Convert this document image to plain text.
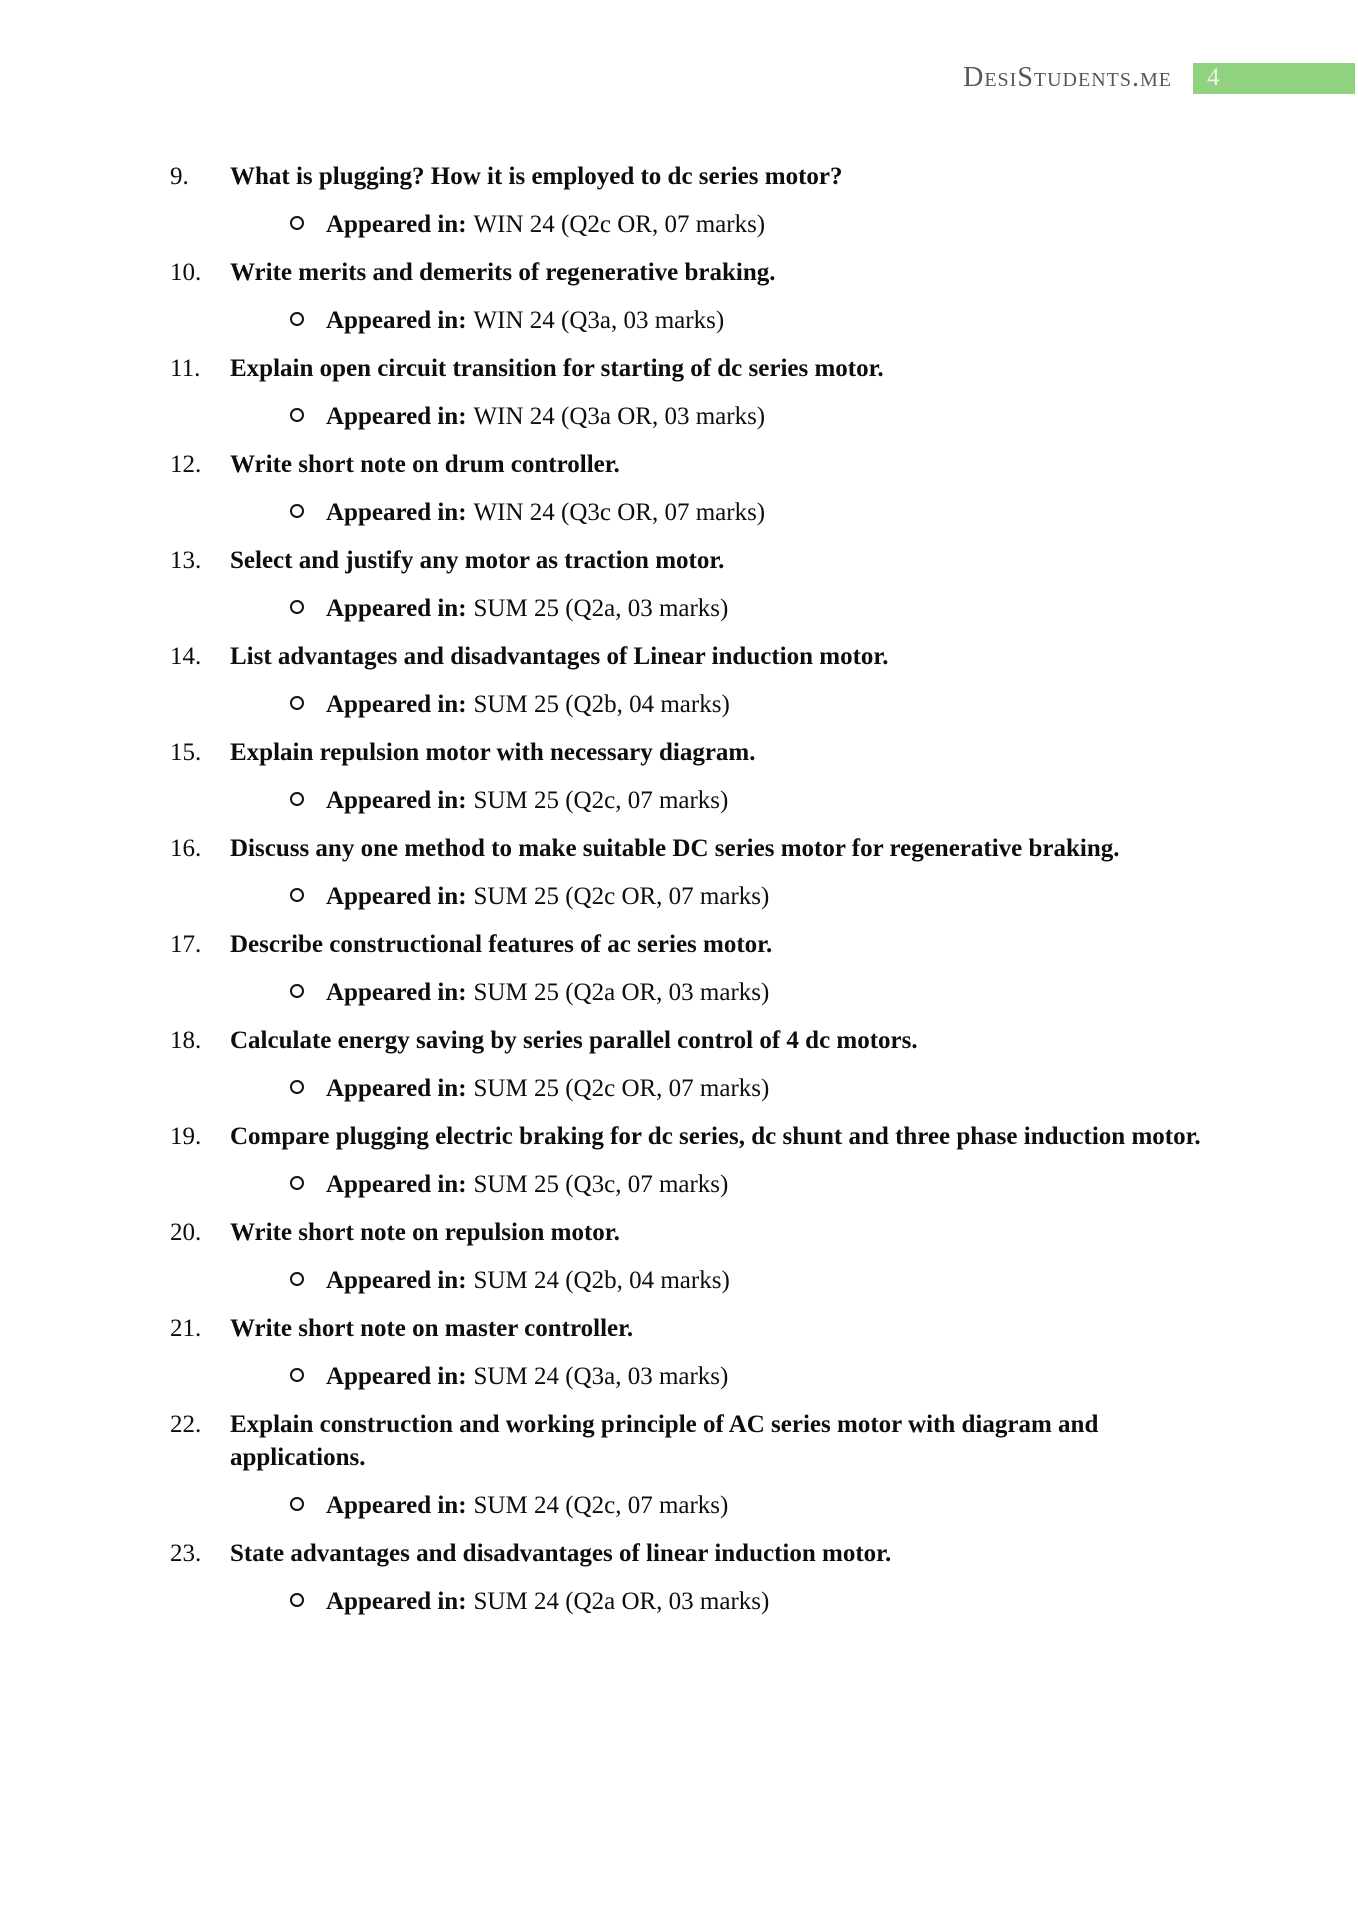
DesiStudents.me	4
9. What is plugging? How it is employed to dc series motor?
Appeared in: WIN 24 (Q2c OR, 07 marks)
10. Write merits and demerits of regenerative braking.
Appeared in: WIN 24 (Q3a, 03 marks)
11. Explain open circuit transition for starting of dc series motor.
Appeared in: WIN 24 (Q3a OR, 03 marks)
12. Write short note on drum controller.
Appeared in: WIN 24 (Q3c OR, 07 marks)
13. Select and justify any motor as traction motor.
Appeared in: SUM 25 (Q2a, 03 marks)
14. List advantages and disadvantages of Linear induction motor.
Appeared in: SUM 25 (Q2b, 04 marks)
15. Explain repulsion motor with necessary diagram.
Appeared in: SUM 25 (Q2c, 07 marks)
16. Discuss any one method to make suitable DC series motor for regenerative braking.
Appeared in: SUM 25 (Q2c OR, 07 marks)
17. Describe constructional features of ac series motor.
Appeared in: SUM 25 (Q2a OR, 03 marks)
18. Calculate energy saving by series parallel control of 4 dc motors.
Appeared in: SUM 25 (Q2c OR, 07 marks)
19. Compare plugging electric braking for dc series, dc shunt and three phase induction motor.
Appeared in: SUM 25 (Q3c, 07 marks)
20. Write short note on repulsion motor.
Appeared in: SUM 24 (Q2b, 04 marks)
21. Write short note on master controller.
Appeared in: SUM 24 (Q3a, 03 marks)
22. Explain construction and working principle of AC series motor with diagram and applications.
Appeared in: SUM 24 (Q2c, 07 marks)
23. State advantages and disadvantages of linear induction motor.
Appeared in: SUM 24 (Q2a OR, 03 marks)
